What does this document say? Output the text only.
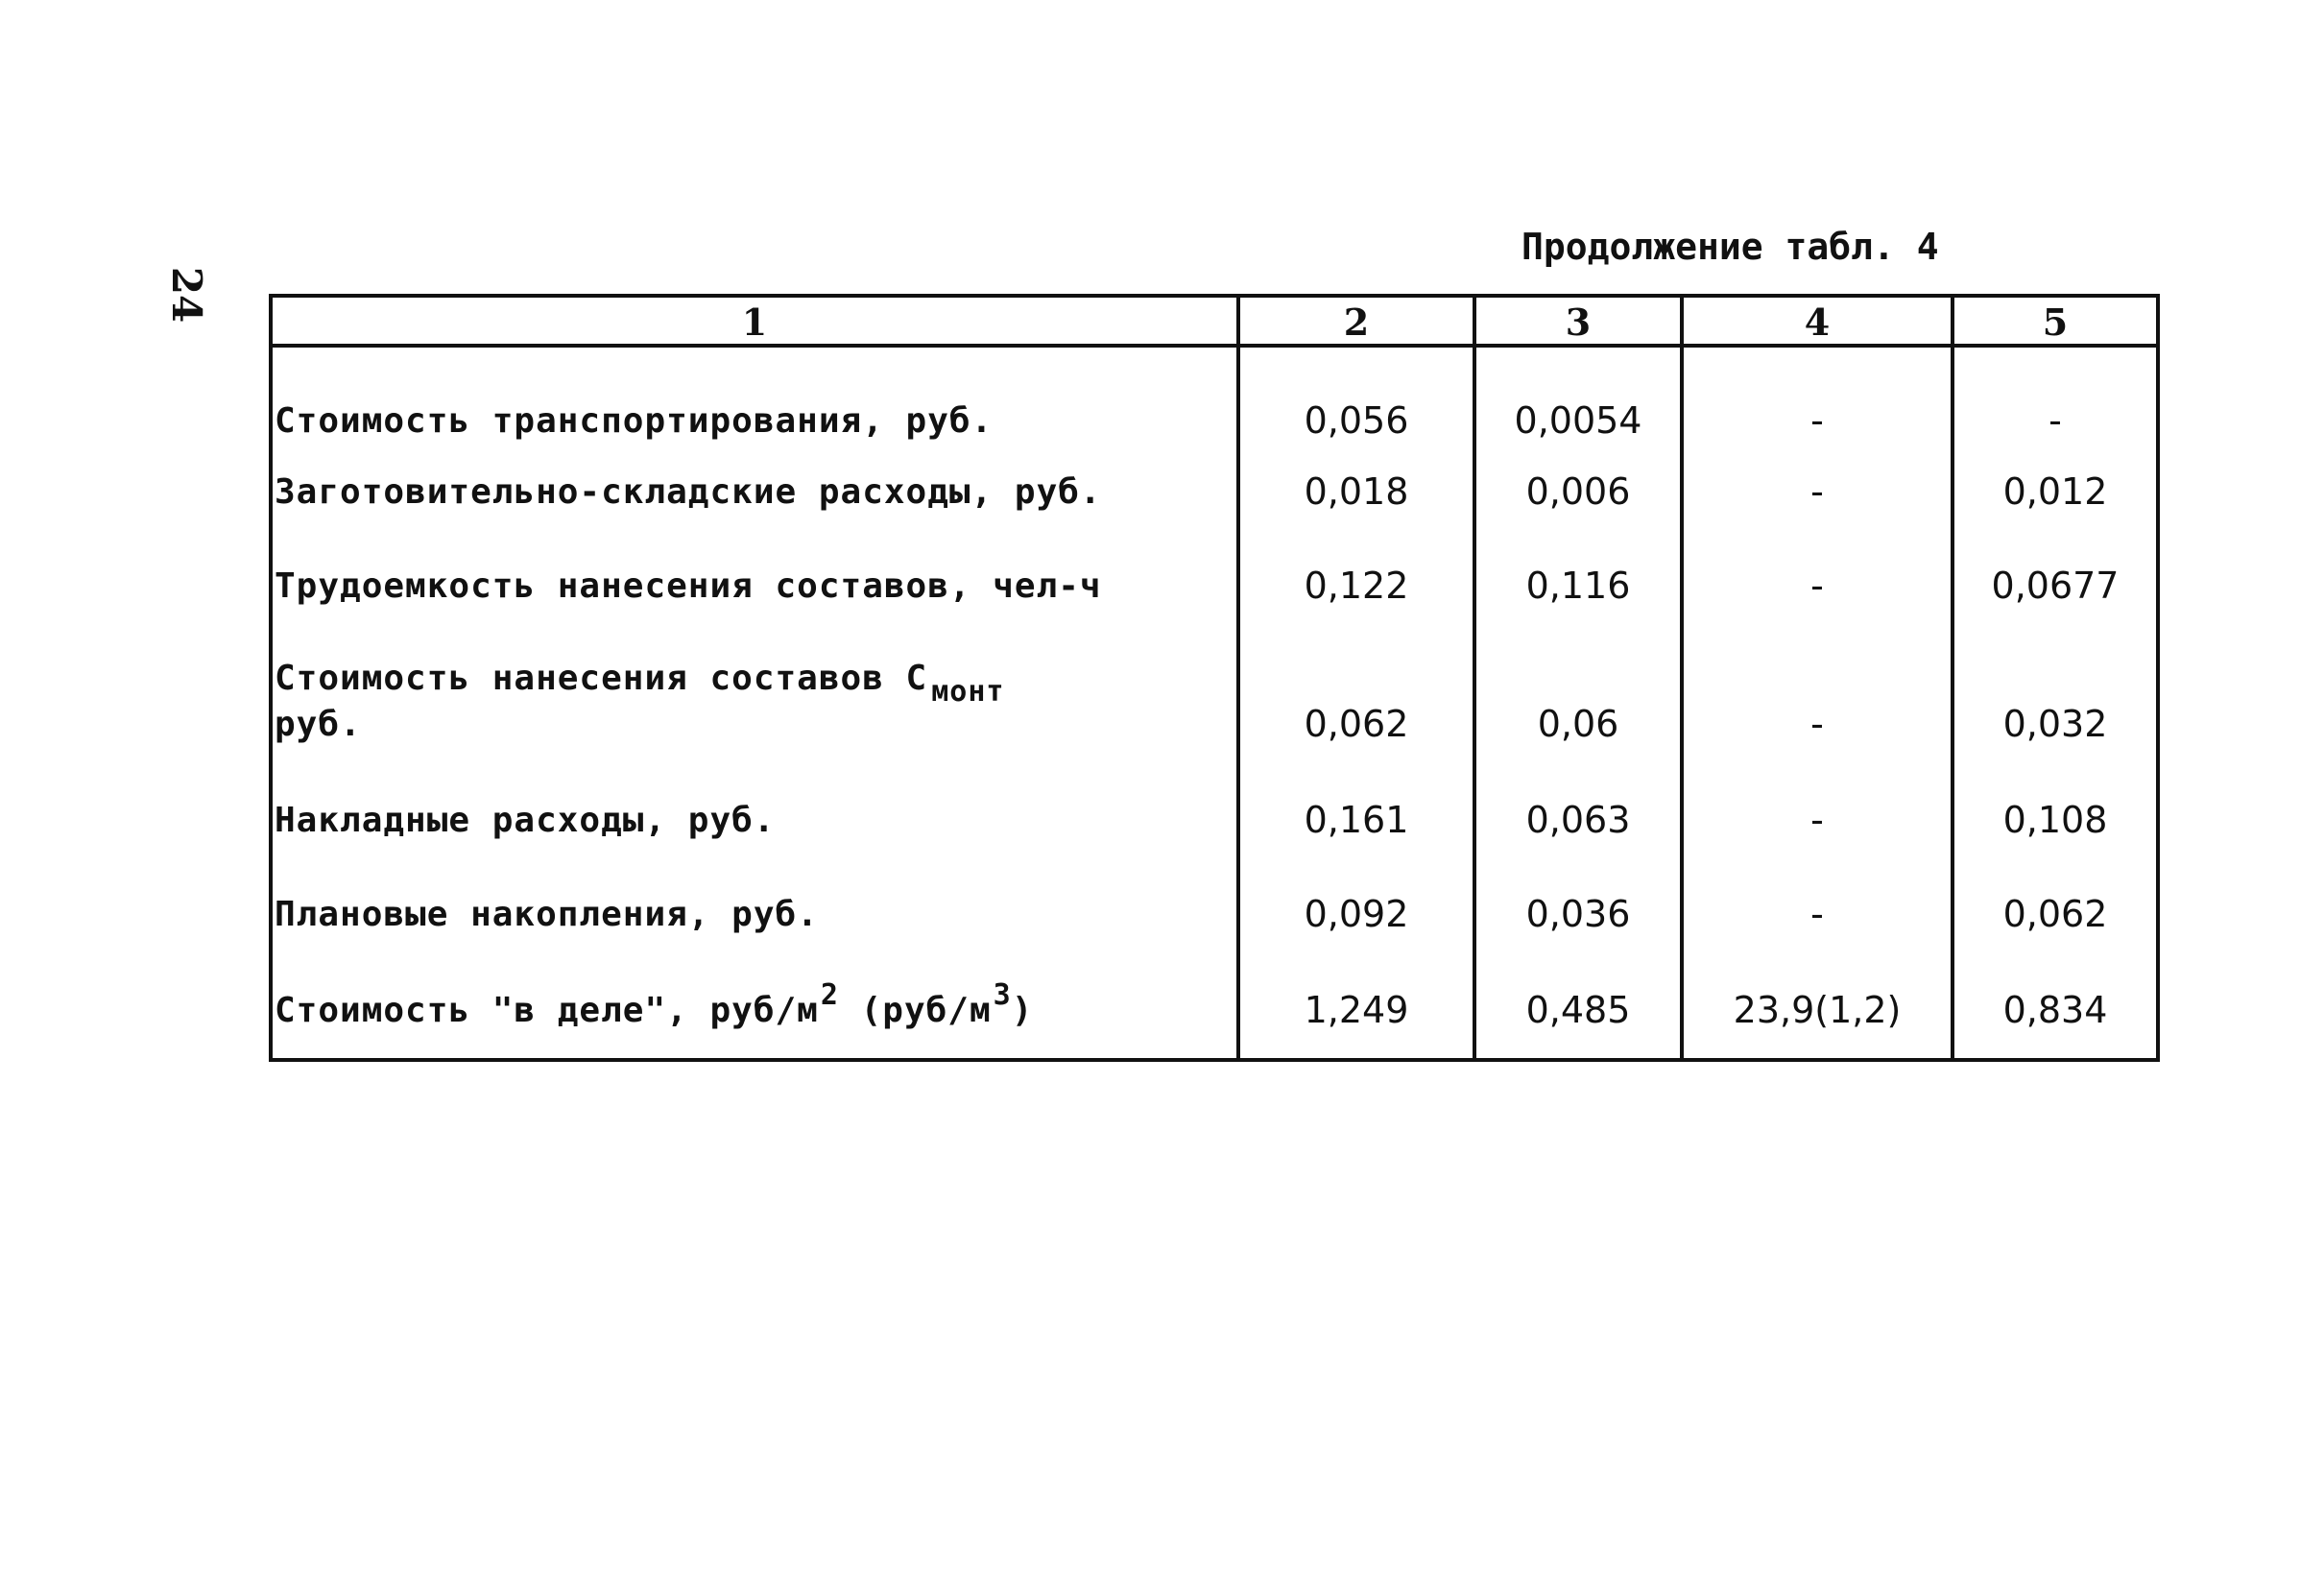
24
Продолжение табл. 4
1	2	3	4	5
Стоимость транспортирования, руб.	0,056	0,0054	-	-
Заготовительно-складские расходы, руб.	0,018	0,006	-	0,012
Трудоемкость нанесения составов, чел-ч	0,122	0,116	-	0,0677
Стоимость нанесения составов С $_{монт}$
руб.	0,062	0,06	-	0,032
Накладные расходы, руб.	0,161	0,063	-	0,108
Плановые накопления, руб.	0,092	0,036	-	0,062
Стоимость "в деле", руб/$м^2$ $(руб/м^3)$	1,249	0,485	23,9(1,2)	0,834
